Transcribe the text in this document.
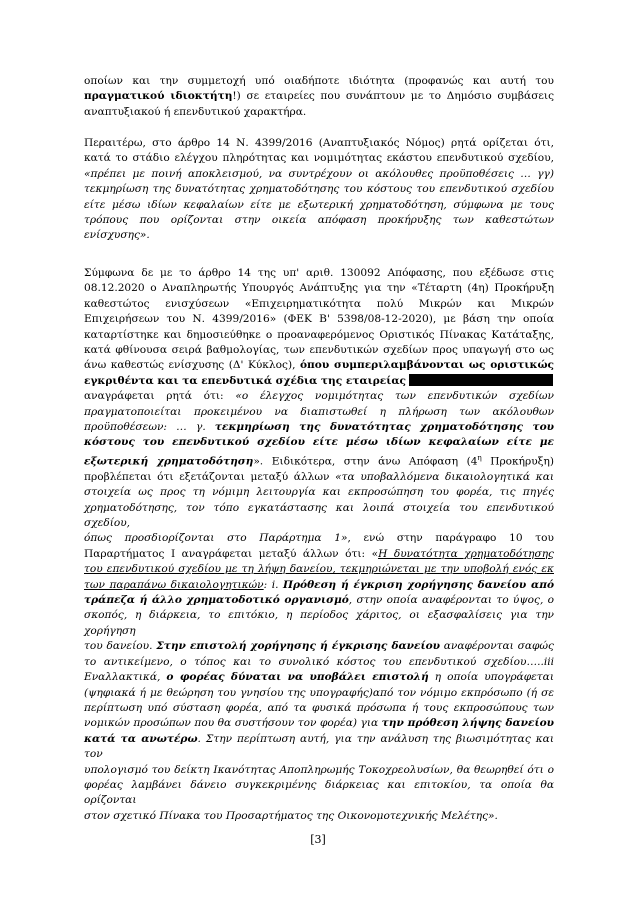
οποίων και την συμμετοχή υπό οιαδήποτε ιδιότητα (προφανώς και αυτή του
πραγματικού ιδιοκτήτη!) σε εταιρείες που συνάπτουν με το Δημόσιο συμβάσεις
αναπτυξιακού ή επενδυτικού χαρακτήρα.
Περαιτέρω, στο άρθρο 14 Ν. 4399/2016 (Αναπτυξιακός Νόμος) ρητά ορίζεται ότι,
κατά το στάδιο ελέγχου πληρότητας και νομιμότητας εκάστου επενδυτικού σχεδίου,
«πρέπει με ποινή αποκλεισμού, να συντρέχουν οι ακόλουθες προϋποθέσεις … γγ)
τεκμηρίωση της δυνατότητας χρηματοδότησης του κόστους του επενδυτικού σχεδίου
είτε μέσω ιδίων κεφαλαίων είτε με εξωτερική χρηματοδότηση, σύμφωνα με τους
τρόπους που ορίζονται στην οικεία απόφαση προκήρυξης των καθεστώτων
ενίσχυσης».
Σύμφωνα δε με το άρθρο 14 της υπ' αριθ. 130092 Απόφασης, που εξέδωσε στις
08.12.2020 ο Αναπληρωτής Υπουργός Ανάπτυξης για την «Τέταρτη (4η) Προκήρυξη
καθεστώτος ενισχύσεων «Επιχειρηματικότητα πολύ Μικρών και Μικρών
Επιχειρήσεων του Ν. 4399/2016» (ΦΕΚ Β' 5398/08-12-2020), με βάση την οποία
καταρτίστηκε και δημοσιεύθηκε ο προαναφερόμενος Οριστικός Πίνακας Κατάταξης,
κατά φθίνουσα σειρά βαθμολογίας, των επενδυτικών σχεδίων προς υπαγωγή στο ως
άνω καθεστώς ενίσχυσης (Δ' Κύκλος), όπου συμπεριλαμβάνονται ως οριστικώς
εγκριθέντα και τα επενδυτικά σχέδια της εταιρείας
αναγράφεται ρητά ότι: «ο έλεγχος νομιμότητας των επενδυτικών σχεδίων
πραγματοποιείται προκειμένου να διαπιστωθεί η πλήρωση των ακόλουθων
προϋποθέσεων: … γ. τεκμηρίωση της δυνατότητας χρηματοδότησης του
κόστους του επενδυτικού σχεδίου είτε μέσω ιδίων κεφαλαίων είτε με
εξωτερική χρηματοδότηση». Ειδικότερα, στην άνω Απόφαση ($4^\eta$ Προκήρυξη)
προβλέπεται ότι εξετάζονται μεταξύ άλλων «τα υποβαλλόμενα δικαιολογητικά και
στοιχεία ως προς τη νόμιμη λειτουργία και εκπροσώπηση του φορέα, τις πηγές
χρηματοδότησης, τον τόπο εγκατάστασης και λοιπά στοιχεία του επενδυτικού σχεδίου,
όπως προσδιορίζονται στο Παράρτημα 1», ενώ στην παράγραφο 10 του
Παραρτήματος Ι αναγράφεται μεταξύ άλλων ότι: «Η δυνατότητα χρηματοδότησης
του επενδυτικού σχεδίου με τη λήψη δανείου, τεκμηριώνεται με την υποβολή ενός εκ
των παραπάνω δικαιολογητικών: i. Πρόθεση ή έγκριση χορήγησης δανείου από
τράπεζα ή άλλο χρηματοδοτικό οργανισμό, στην οποία αναφέρονται το ύψος, ο
σκοπός, η διάρκεια, το επιτόκιο, η περίοδος χάριτος, οι εξασφαλίσεις για την χορήγηση
του δανείου. Στην επιστολή χορήγησης ή έγκρισης δανείου αναφέρονται σαφώς
το αντικείμενο, ο τόπος και το συνολικό κόστος του επενδυτικού σχεδίου…..iii
Εναλλακτικά, ο φορέας δύναται να υποβάλει επιστολή η οποία υπογράφεται
(ψηφιακά ή με θεώρηση του γνησίου της υπογραφής)από τον νόμιμο εκπρόσωπο (ή σε
περίπτωση υπό σύσταση φορέα, από τα φυσικά πρόσωπα ή τους εκπροσώπους των
νομικών προσώπων που θα συστήσουν τον φορέα) για την πρόθεση λήψης δανείου
κατά τα ανωτέρω. Στην περίπτωση αυτή, για την ανάλυση της βιωσιμότητας και τον
υπολογισμό του δείκτη Ικανότητας Αποπληρωμής Τοκοχρεολυσίων, θα θεωρηθεί ότι ο
φορέας λαμβάνει δάνειο συγκεκριμένης διάρκειας και επιτοκίου, τα οποία θα ορίζονται
στον σχετικό Πίνακα του Προσαρτήματος της Οικονομοτεχνικής Μελέτης».
[3]
